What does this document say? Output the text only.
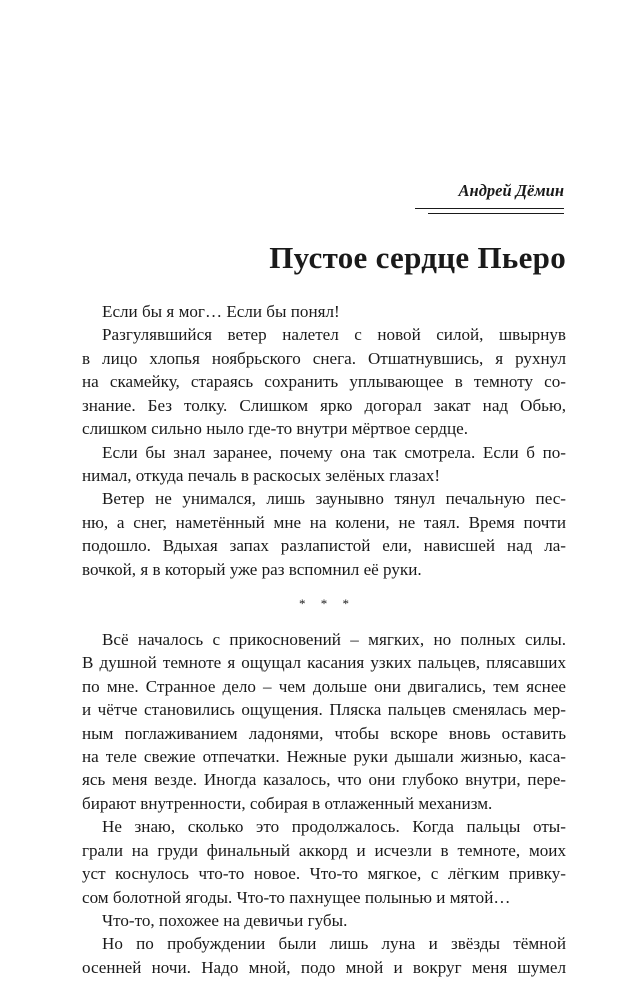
Андрей Дёмин
Пустое сердце Пьеро
Если бы я мог… Если бы понял!
Разгулявшийся ветер налетел с новой силой, швырнув
в лицо хлопья ноябрьского снега. Отшатнувшись, я рухнул
на скамейку, стараясь сохранить уплывающее в темноту со-
знание. Без толку. Слишком ярко догорал закат над Обью,
слишком сильно ныло где-то внутри мёртвое сердце.
Если бы знал заранее, почему она так смотрела. Если б по-
нимал, откуда печаль в раскосых зелёных глазах!
Ветер не унимался, лишь заунывно тянул печальную пес-
ню, а снег, наметённый мне на колени, не таял. Время почти
подошло. Вдыхая запах разлапистой ели, нависшей над ла-
вочкой, я в который уже раз вспомнил её руки.
* * *
Всё началось с прикосновений – мягких, но полных силы.
В душной темноте я ощущал касания узких пальцев, плясавших
по мне. Странное дело – чем дольше они двигались, тем яснее
и чётче становились ощущения. Пляска пальцев сменялась мер-
ным поглаживанием ладонями, чтобы вскоре вновь оставить
на теле свежие отпечатки. Нежные руки дышали жизнью, каса-
ясь меня везде. Иногда казалось, что они глубоко внутри, пере-
бирают внутренности, собирая в отлаженный механизм.
Не знаю, сколько это продолжалось. Когда пальцы оты-
грали на груди финальный аккорд и исчезли в темноте, моих
уст коснулось что-то новое. Что-то мягкое, с лёгким привку-
сом болотной ягоды. Что-то пахнущее полынью и мятой…
Что-то, похожее на девичьи губы.
Но по пробуждении были лишь луна и звёзды тёмной
осенней ночи. Надо мной, подо мной и вокруг меня шумел
